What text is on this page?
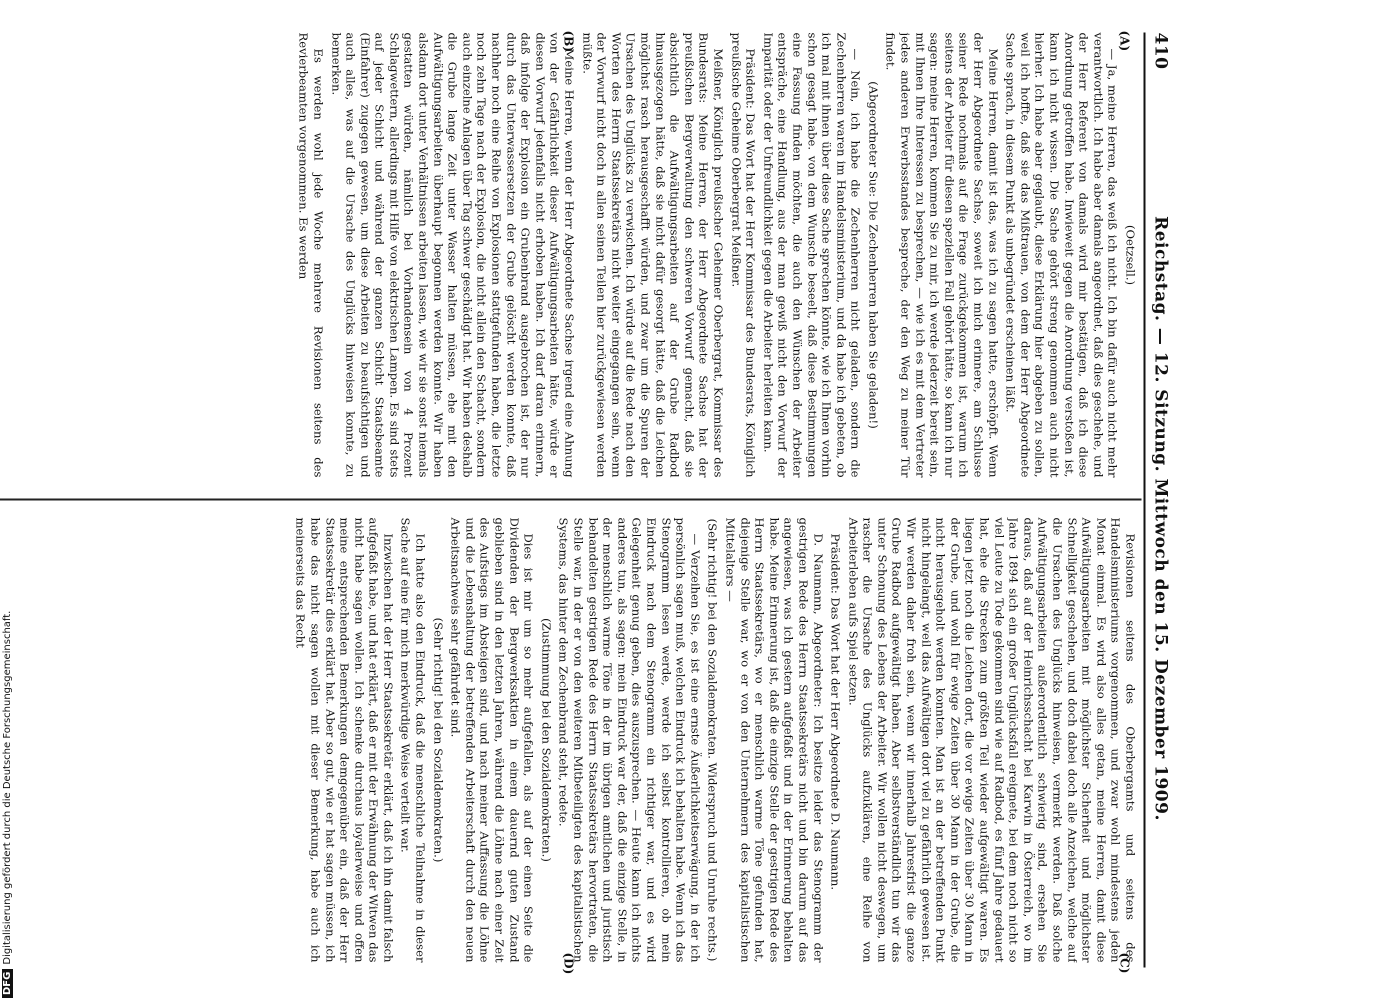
410
Reichstag. — 12. Sitzung. Mittwoch den 15. Dezember 1909.
(A)
(B)
(C)
(D)

(Oetzsell.)

— Ja, meine Herren, das weiß ich nicht. Ich bin dafür auch nicht mehr verantwortlich. Ich habe aber damals angeordnet, daß dies geschehe, und der Herr Referent von damals wird mir bestätigen, daß ich diese Anordnung getroffen habe. Inwieweit gegen die Anordnung verstoßen ist, kann ich nicht wissen. Die Sache gehört streng genommen auch nicht hierher. Ich habe aber geglaubt, diese Erklärung hier abgeben zu sollen, weil ich hoffte, daß sie das Mißtrauen, von dem der Herr Abgeordnete Sache sprach, in diesem Punkt als unbegründet erscheinen läßt.

Meine Herren, damit ist das, was ich zu sagen hatte, erschöpft. Wenn der Herr Abgeordnete Sachse, soweit ich mich erinnere, am Schlusse seiner Rede nochmals auf die Frage zurückgekommen ist, warum ich seitens der Arbeiter für diesen speziellen Fall gehört hätte, so kann ich nur sagen: meine Herren, kommen Sie zu mir, ich werde jederzeit bereit sein, mit Ihnen Ihre Interessen zu besprechen, — wie ich es mit dem Vertreter jedes anderen Erwerbsstandes bespreche, der den Weg zu meiner Tür findet.

(Abgeordneter Sue: Die Zechenherren haben Sie geladen!)

— Nein, ich habe die Zechenherren nicht geladen, sondern die Zechenherren waren im Handelsministerium, und da habe ich gebeten, ob ich mal mit ihnen über diese Sache sprechen könnte, wie ich Ihnen vorhin schon gesagt habe. von dem Wunsche beseelt, daß diese Bestimmungen eine Fassung finden möchten, die auch den Wünschen der Arbeiter entspräche, eine Handlung, aus der man gewiß nicht den Vorwurf der Imparität oder der Unfreundlichkeit gegen die Arbeiter herleiten kann.

Präsident: Das Wort hat der Herr Kommissar des Bundesrats, Königlich preußische Geheime Oberbergrat Meißner.

Meißner, Königlich preußischer Geheimer Oberbergrat, Kommissar des Bundesrats: Meine Herren, der Herr Abgeordnete Sachse hat der preußischen Bergverwaltung den schweren Vorwurf gemacht, daß sie absichtlich die Aufwältigungsarbeiten auf der Grube Radbod hinausgezogen hätte, daß sie nicht dafür gesorgt hätte, daß die Leichen möglichst rasch herausgeschafft würden, und zwar um die Spuren der Ursachen des Unglücks zu verwischen. Ich würde auf die Rede nach den Worten des Herrn Staatssekretärs nicht weiter eingegangen sein, wenn der Vorwurf nicht doch in allen seinen Teilen hier zurückgewiesen werden müßte.

Meine Herren, wenn der Herr Abgeordnete Sachse irgend eine Ahnung von der Gefährlichkeit dieser Aufwältigungsarbeiten hätte, würde er diesen Vorwurf jedenfalls nicht erhoben haben. Ich darf daran erinnern, daß infolge der Explosion ein Grubenbrand ausgebrochen ist, der nur durch das Unterwassersetzen der Grube gelöscht werden konnte, daß nachher noch eine Reihe von Explosionen stattgefunden haben, die letzte noch zehn Tage nach der Explosion, die nicht allein den Schacht, sondern auch einzelne Anlagen über Tag schwer geschädigt hat. Wir haben deshalb die Grube lange Zeit unter Wasser halten müssen, ehe mit den Aufwältigungsarbeiten überhaupt begonnen werden konnte. Wir haben alsdann dort unter Verhältnissen arbeiten lassen, wie wir sie sonst niemals gestatten würden, nämlich bei Vorhandensein von 4 Prozent Schlagwettern, allerdings mit Hilfe von elektrischen Lampen. Es sind stets auf jeder Schicht und während der ganzen Schicht Staatsbeamte (Einfahrer) zugegen gewesen, um diese Arbeiten zu beaufsichtigen und auch alles, was auf die Ursache des Unglücks hinweisen konnte, zu bemerken.

Es werden wohl jede Woche mehrere Revisionen seitens des Revierbeamten vorgenommen. Es werden

Revisionen seitens des Oberbergamts und seitens des Handelsministeriums vorgenommen, und zwar wohl mindestens jeden Monat einmal. Es wird also alles getan, meine Herren, damit diese Aufwältigungsarbeiten mit möglichster Sicherheit und möglichster Schnelligkeit geschehen, und doch dabei doch alle Anzeichen, welche auf die Ursachen des Unglücks hinweisen, vermerkt werden. Daß solche Aufwältigungsarbeiten außerordentlich schwierig sind, ersehen Sie daraus, daß auf der Heinrichsschacht bei Karwin in Österreich, wo im Jahre 1894 sich ein großer Unglücksfall ereignete, bei dem noch nicht so viel Leute zu Tode gekommen sind wie auf Radbod, es fünf Jahre gedauert hat, ehe die Strecken zum größten Teil wieder aufgewältigt waren. Es liegen jetzt noch die Leichen dort, die vor ewige Zeiten über 30 Mann in der Grube, und wohl für ewige Zeiten über 30 Mann in der Grube, die nicht herausgeholt werden konnten. Man ist an der betreffenden Punkt nicht hingelangt, weil das Aufwältigen dort viel zu gefährlich gewesen ist. Wir werden daher froh sein, wenn wir innerhalb Jahresfrist die ganze Grube Radbod aufgewältigt haben. Aber selbstverständlich tun wir das unter Schonung des Lebens der Arbeiter. Wir wollen nicht deswegen, um rascher die Ursache des Unglücks aufzuklären, eine Reihe von Arbeiterleben aufs Spiel setzen.

Präsident: Das Wort hat der Herr Abgeordnete D. Naumann.

D. Naumann, Abgeordneter: Ich besitze leider das Stenogramm der gestrigen Rede des Herrn Staatssekretärs nicht und bin darum auf das angewiesen, was ich gestern aufgefaßt und in der Erinnerung behalten habe. Meine Erinnerung ist, daß die einzige Stelle der gestrigen Rede des Herrn Staatssekretärs, wo er menschlich warme Töne gefunden hat, diejenige Stelle war, wo er von den Unternehmern des kapitalistischen Mittelalters —

(Sehr richtig! bei den Sozialdemokraten. Widerspruch und Unruhe rechts.)

— Verzeihen Sie, es ist eine ernste Äußerlichkeitserwägung, in der ich persönlich sagen muß, welchen Eindruck ich behalten habe. Wenn ich das Stenogramm lesen werde, werde ich selbst kontrollieren, ob mein Eindruck nach dem Stenogramm ein richtiger war, und es wird Gelegenheit genug geben, dies auszusprechen. — Heute kann ich nichts anderes tun, als sagen: mein Eindruck war der, daß die einzige Stelle, in der menschlich warme Töne in der im übrigen amtlichen und juristisch behandelten gestrigen Rede des Herrn Staatssekretärs hervortraten, die Stelle war, in der er von den weiteren Mitbeteiligten des kapitalistischen Systems, das hinter dem Zechenbrand steht, redete.

(Zustimmung bei den Sozialdemokraten.)

Dies ist mir um so mehr aufgefallen, als auf der einen Seite die Dividenden der Bergwerksaktien in einem dauernd guten Zustand geblieben sind in den letzten Jahren, während die Löhne nach einer Zeit des Aufstiegs im Absteigen sind, und nach meiner Auffassung die Löhne und die Lebenshaltung der betreffenden Arbeiterschaft durch den neuen Arbeitsnachweis sehr gefährdet sind.

(Sehr richtig! bei den Sozialdemokraten.)

Ich hatte also den Eindruck, daß die menschliche Teilnahme in dieser Sache auf eine für mich merkwürdige Weise verteilt war.

Inzwischen hat der Herr Staatssekretär erklärt, daß ich ihn damit falsch aufgefaßt habe, und hat erklärt, daß er mit der Erwähnung der Witwen das nicht habe sagen wollen. Ich schenke durchaus loyalerweise und offen meine entsprechenden Bemerkungen demgegenüber ein, daß der Herr Staatssekretär dies erklärt hat. Aber so gut, wie er hat sagen müssen, ich habe das nicht sagen wollen mit dieser Bemerkung, habe auch ich meinerseits das Recht

DFGDigitalisierung gefördert durch die Deutsche Forschungsgemeinschaft.
